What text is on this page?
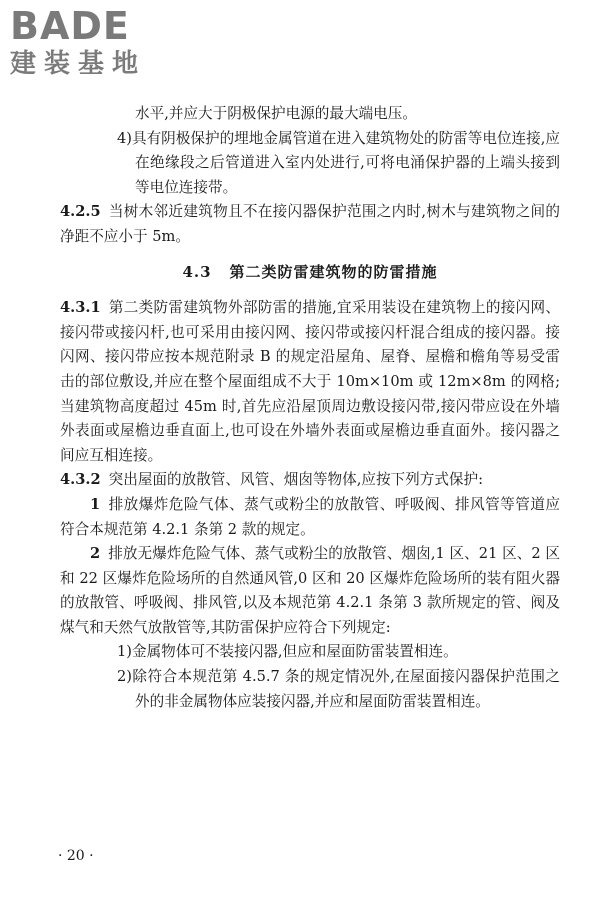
BADE
建装基地

水平,并应大于阴极保护电源的最大端电压。

4)具有阴极保护的埋地金属管道在进入建筑物处的防雷等电位连接,应在绝缘段之后管道进入室内处进行,可将电涌保护器的上端头接到等电位连接带。

4.2.5 当树木邻近建筑物且不在接闪器保护范围之内时,树木与建筑物之间的净距不应小于 5m。

4.3 第二类防雷建筑物的防雷措施

4.3.1 第二类防雷建筑物外部防雷的措施,宜采用装设在建筑物上的接闪网、接闪带或接闪杆,也可采用由接闪网、接闪带或接闪杆混合组成的接闪器。接闪网、接闪带应按本规范附录 B 的规定沿屋角、屋脊、屋檐和檐角等易受雷击的部位敷设,并应在整个屋面组成不大于 10m×10m 或 12m×8m 的网格;当建筑物高度超过 45m 时,首先应沿屋顶周边敷设接闪带,接闪带应设在外墙外表面或屋檐边垂直面上,也可设在外墙外表面或屋檐边垂直面外。接闪器之间应互相连接。

4.3.2 突出屋面的放散管、风管、烟囱等物体,应按下列方式保护:

1 排放爆炸危险气体、蒸气或粉尘的放散管、呼吸阀、排风管等管道应符合本规范第 4.2.1 条第 2 款的规定。

2 排放无爆炸危险气体、蒸气或粉尘的放散管、烟囱,1 区、21 区、2 区和 22 区爆炸危险场所的自然通风管,0 区和 20 区爆炸危险场所的装有阻火器的放散管、呼吸阀、排风管,以及本规范第 4.2.1 条第 3 款所规定的管、阀及煤气和天然气放散管等,其防雷保护应符合下列规定:

1)金属物体可不装接闪器,但应和屋面防雷装置相连。

2)除符合本规范第 4.5.7 条的规定情况外,在屋面接闪器保护范围之外的非金属物体应装接闪器,并应和屋面防雷装置相连。

· 20 ·
